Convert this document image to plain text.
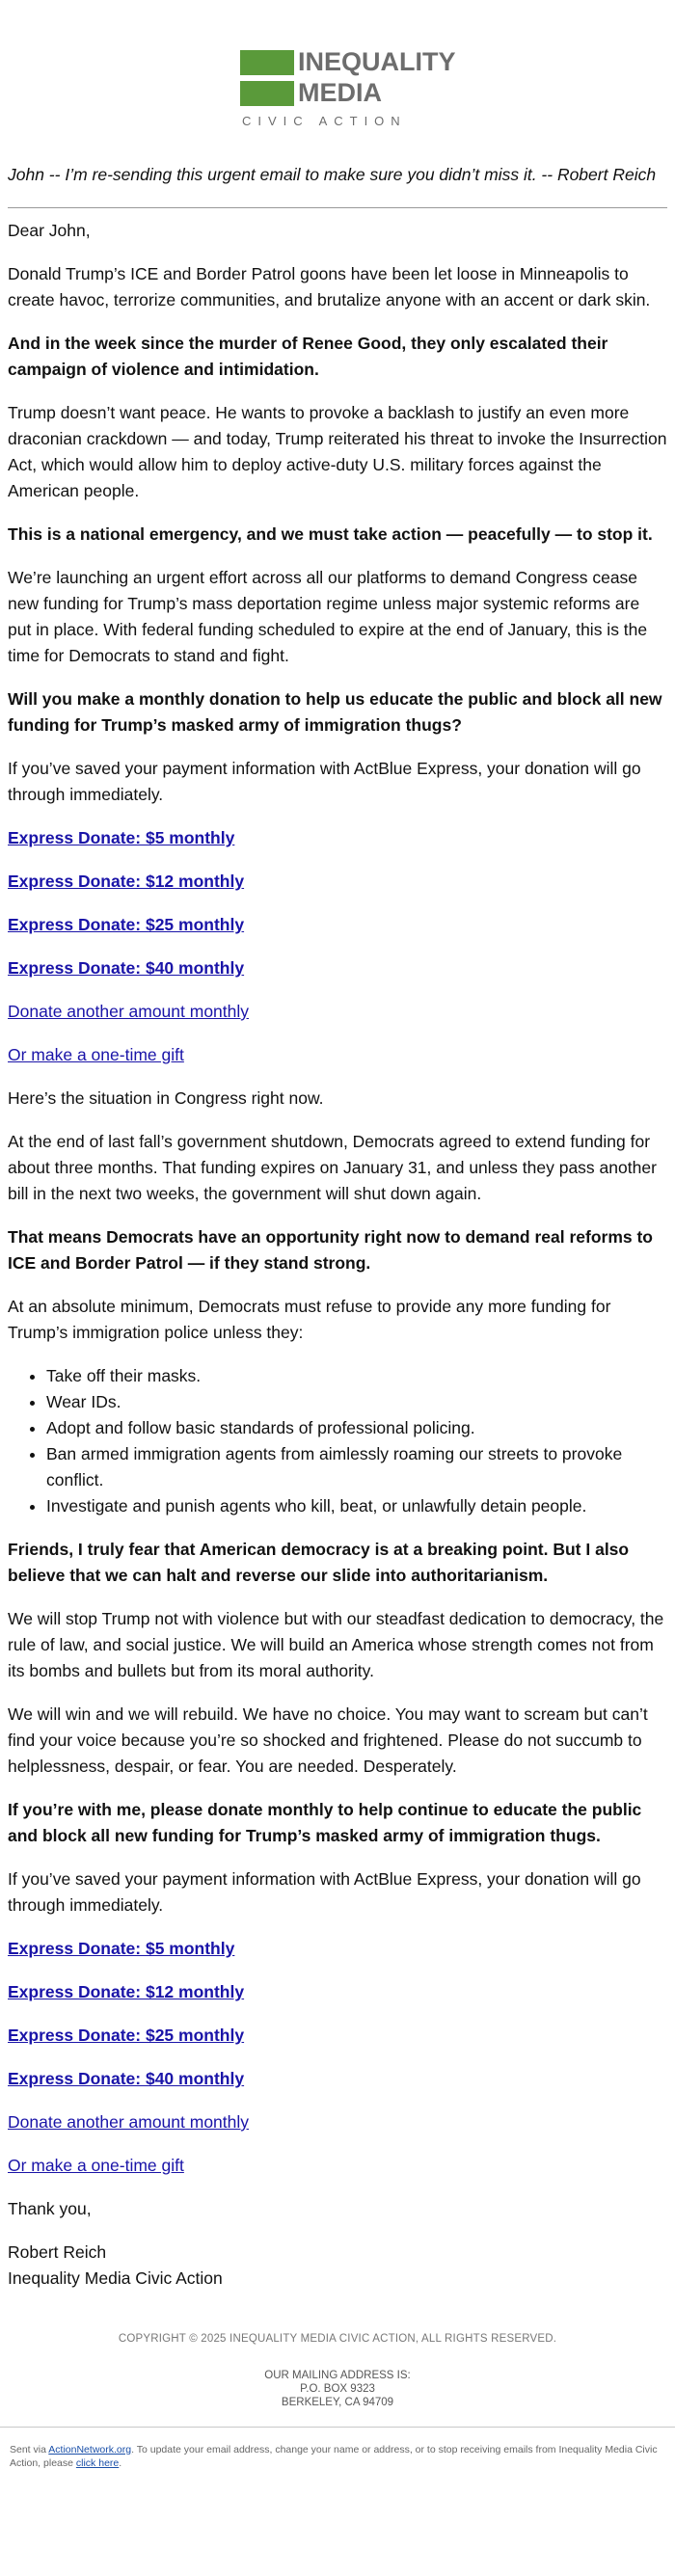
INEQUALITY
MEDIA
CIVIC ACTION
John -- I’m re-sending this urgent email to make sure you didn’t miss it. -- Robert Reich

Dear John,

Donald Trump’s ICE and Border Patrol goons have been let loose in Minneapolis to create havoc, terrorize communities, and brutalize anyone with an accent or dark skin.

And in the week since the murder of Renee Good, they only escalated their campaign of violence and intimidation.

Trump doesn’t want peace. He wants to provoke a backlash to justify an even more draconian crackdown — and today, Trump reiterated his threat to invoke the Insurrection Act, which would allow him to deploy active-duty U.S. military forces against the American people.

This is a national emergency, and we must take action — peacefully — to stop it.

We’re launching an urgent effort across all our platforms to demand Congress cease new funding for Trump’s mass deportation regime unless major systemic reforms are put in place. With federal funding scheduled to expire at the end of January, this is the time for Democrats to stand and fight.

Will you make a monthly donation to help us educate the public and block all new funding for Trump’s masked army of immigration thugs?

If you’ve saved your payment information with ActBlue Express, your donation will go through immediately.

Express Donate: $5 monthly

Express Donate: $12 monthly

Express Donate: $25 monthly

Express Donate: $40 monthly

Donate another amount monthly

Or make a one-time gift

Here’s the situation in Congress right now.

At the end of last fall’s government shutdown, Democrats agreed to extend funding for about three months. That funding expires on January 31, and unless they pass another bill in the next two weeks, the government will shut down again.

That means Democrats have an opportunity right now to demand real reforms to ICE and Border Patrol — if they stand strong.

At an absolute minimum, Democrats must refuse to provide any more funding for Trump’s immigration police unless they:

• Take off their masks.
• Wear IDs.
• Adopt and follow basic standards of professional policing.
• Ban armed immigration agents from aimlessly roaming our streets to provoke conflict.
• Investigate and punish agents who kill, beat, or unlawfully detain people.

Friends, I truly fear that American democracy is at a breaking point. But I also believe that we can halt and reverse our slide into authoritarianism.

We will stop Trump not with violence but with our steadfast dedication to democracy, the rule of law, and social justice. We will build an America whose strength comes not from its bombs and bullets but from its moral authority.

We will win and we will rebuild. We have no choice. You may want to scream but can’t find your voice because you’re so shocked and frightened. Please do not succumb to helplessness, despair, or fear. You are needed. Desperately.

If you’re with me, please donate monthly to help continue to educate the public and block all new funding for Trump’s masked army of immigration thugs.

If you’ve saved your payment information with ActBlue Express, your donation will go through immediately.

Express Donate: $5 monthly

Express Donate: $12 monthly

Express Donate: $25 monthly

Express Donate: $40 monthly

Donate another amount monthly

Or make a one-time gift

Thank you,

Robert Reich
Inequality Media Civic Action

COPYRIGHT © 2025 INEQUALITY MEDIA CIVIC ACTION, ALL RIGHTS RESERVED.
OUR MAILING ADDRESS IS:
P.O. BOX 9323
BERKELEY, CA 94709
Sent via ActionNetwork.org. To update your email address, change your name or address, or to stop receiving emails from Inequality Media Civic Action, please click here.
